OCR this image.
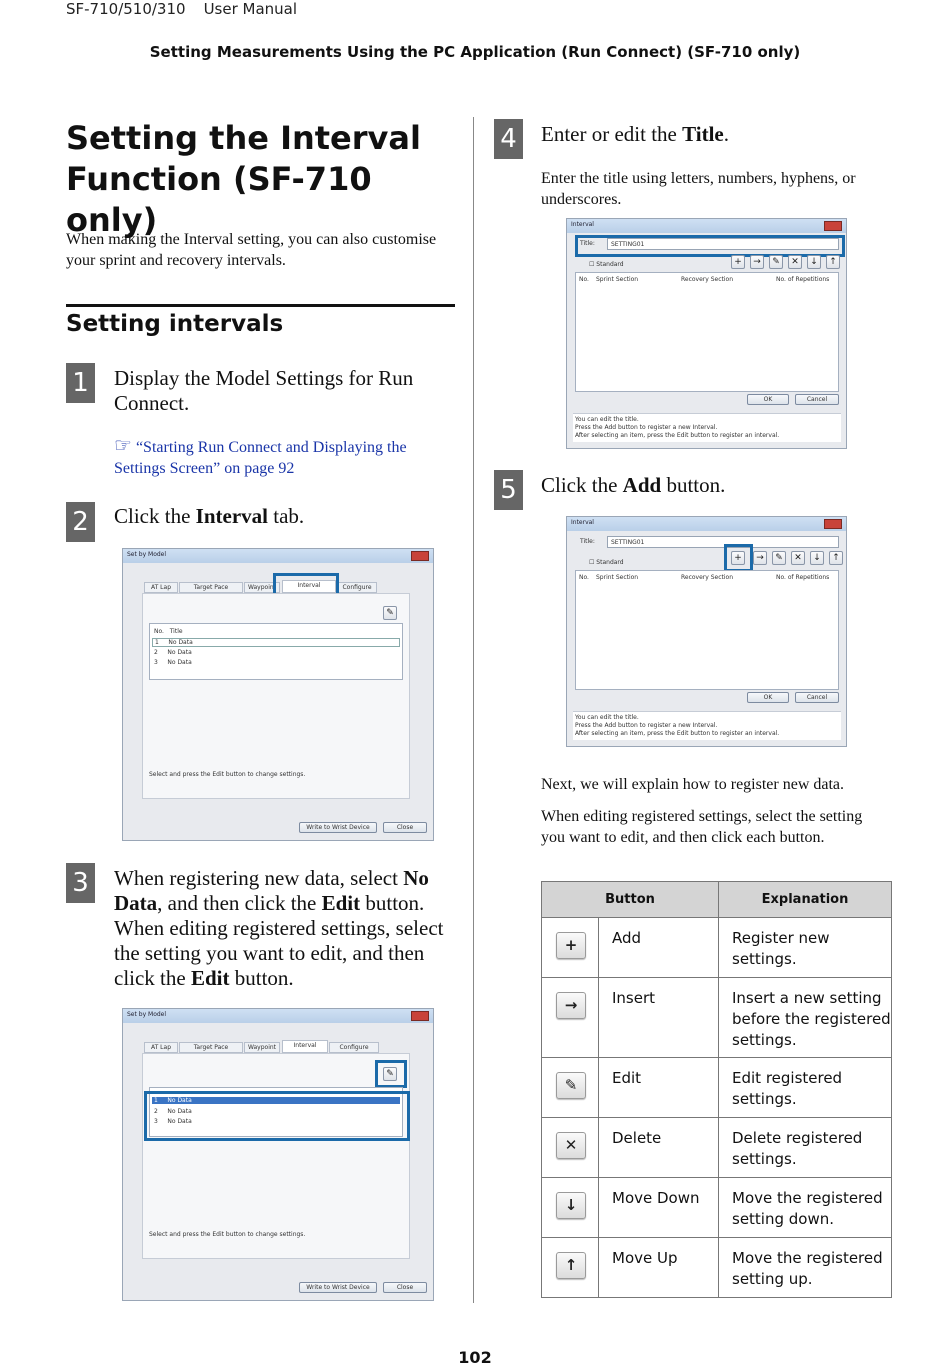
SF-710/510/310 User Manual
Setting Measurements Using the PC Application (Run Connect) (SF-710 only)
Setting the Interval Function (SF-710 only)
When making the Interval setting, you can also customise your sprint and recovery intervals.
Setting intervals
1 Display the Model Settings for Run Connect.
☞ “Starting Run Connect and Displaying the Settings Screen” on page 92
2 Click the Interval tab.
Set by Model
AT Lap	Target Pace	Waypoint	Interval	Configure
✎
No. Title
1 No Data
2 No Data
3 No Data
Select and press the Edit button to change settings.
Write to Wrist Device	Close
3 When registering new data, select No Data, and then click the Edit button. When editing registered settings, select the setting you want to edit, and then click the Edit button.
Set by Model
AT Lap	Target Pace	Waypoint	Interval	Configure
✎
1 No Data
2 No Data
3 No Data
Select and press the Edit button to change settings.
Write to Wrist Device	Close
4 Enter or edit the Title.
Enter the title using letters, numbers, hyphens, or underscores.
Interval
Title:	SETTING01
☐ Standard	+	→	✎	✕	↓	↑
No. Sprint Section	Recovery Section	No. of Repetitions
OK	Cancel
You can edit the title.
Press the Add button to register a new Interval.
After selecting an item, press the Edit button to register an interval.
5 Click the Add button.
Interval
Title:	SETTING01
☐ Standard	+	→	✎	✕	↓	↑
No. Sprint Section	Recovery Section	No. of Repetitions
OK	Cancel
You can edit the title.
Press the Add button to register a new Interval.
After selecting an item, press the Edit button to register an interval.
Next, we will explain how to register new data.
When editing registered settings, select the setting you want to edit, and then click each button.
Button		Explanation

+	Add	Register new settings.

→	Insert	Insert a new setting before the registered settings.

✎	Edit	Edit registered settings.

✕	Delete	Delete registered settings.

↓	Move Down	Move the registered setting down.

↑	Move Up	Move the registered setting up.
102
